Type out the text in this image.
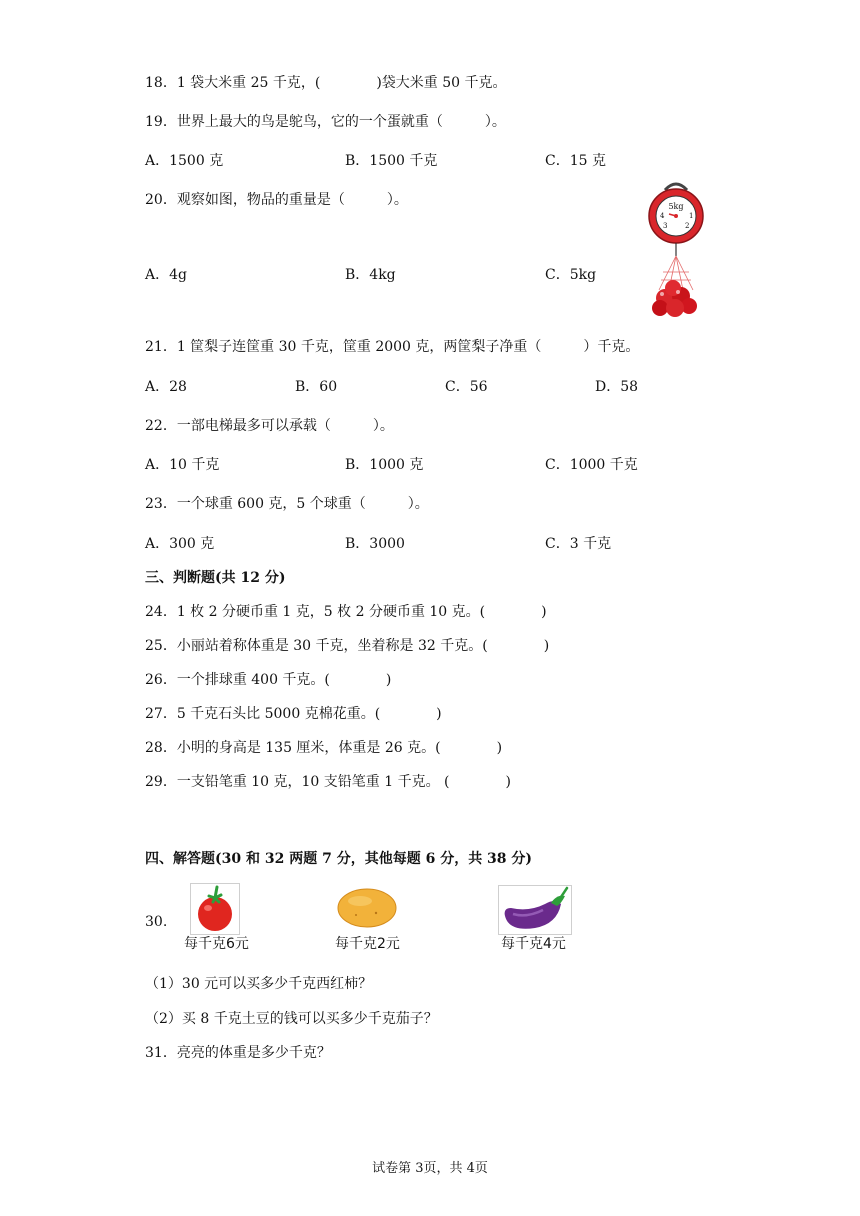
18．1 袋大米重 25 千克，(　　　　)袋大米重 50 千克。
19．世界上最大的鸟是鸵鸟，它的一个蛋就重（　　　）。
A．1500 克	B．1500 千克	C．15 克
20．观察如图，物品的重量是（　　　）。
A．4g	B．4kg	C．5kg
5kg
4	1
3	2
21．1 筐梨子连筐重 30 千克，筐重 2000 克，两筐梨子净重（　　　）千克。
A．28	B．60	C．56	D．58
22．一部电梯最多可以承载（　　　）。
A．10 千克	B．1000 克	C．1000 千克
23．一个球重 600 克，5 个球重（　　　）。
A．300 克	B．3000	C．3 千克
三、判断题(共 12 分)
24．1 枚 2 分硬币重 1 克，5 枚 2 分硬币重 10 克。(　　　　)
25．小丽站着称体重是 30 千克，坐着称是 32 千克。(　　　　)
26．一个排球重 400 千克。(　　　　)
27．5 千克石头比 5000 克棉花重。(　　　　)
28．小明的身高是 135 厘米，体重是 26 克。(　　　　)
29．一支铅笔重 10 克，10 支铅笔重 1 千克。 (　　　　)
四、解答题(30 和 32 两题 7 分，其他每题 6 分，共 38 分)
30.
每千克6元	每千克2元	每千克4元
（1）30 元可以买多少千克西红柿？
（2）买 8 千克土豆的钱可以买多少千克茄子？
31．亮亮的体重是多少千克？
试卷第 3页，共 4页
